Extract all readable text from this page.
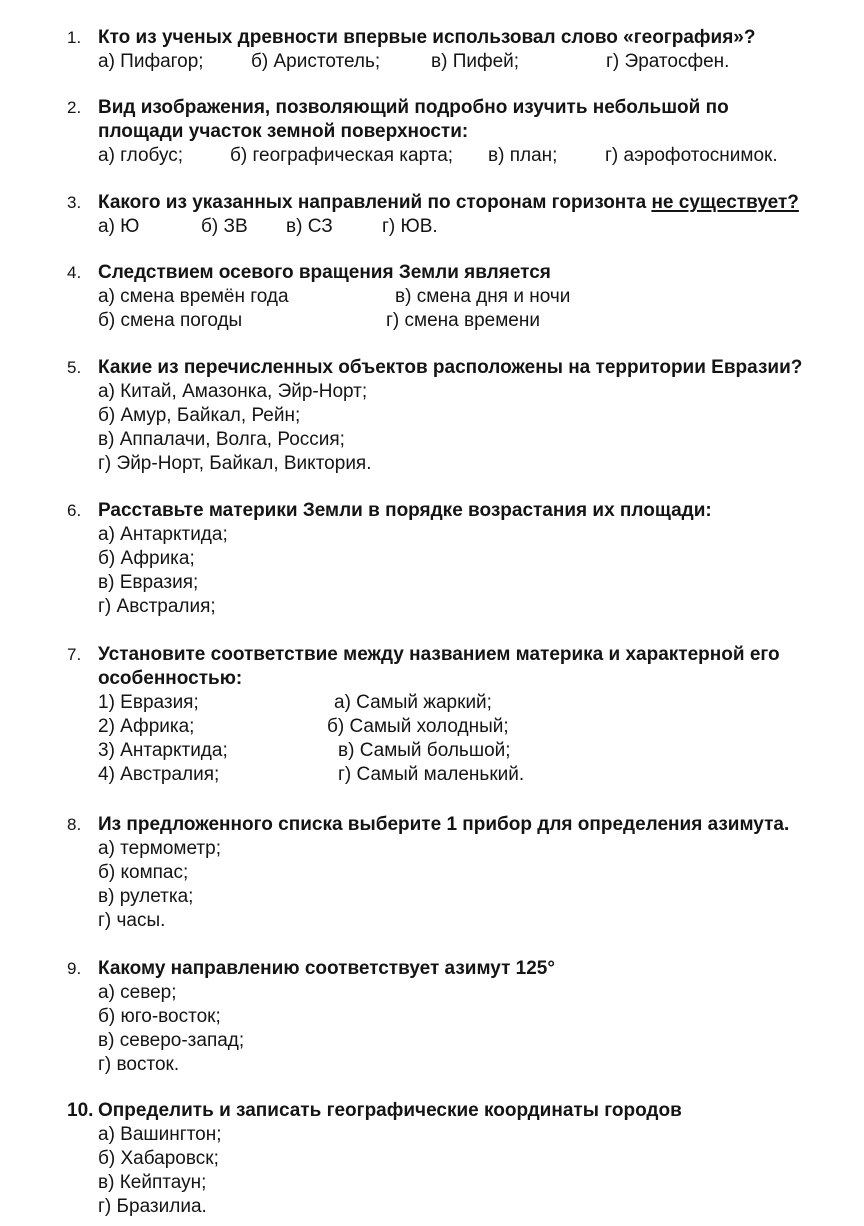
1. Кто из ученых древности впервые использовал слово «география»?

а) Пифагор; б) Аристотель;	в) Пифей;	г) Эратосфен.
2. Вид изображения, позволяющий подробно изучить небольшой по

площади участок земной поверхности:

а) глобус; б) географическая карта; в) план;	г) аэрофотоснимок.
3. Какого из указанных направлений по сторонам горизонта не существует?

а) Ю	б) ЗВ в) СЗ	г) ЮВ.
4. Следствием осевого вращения Земли является

а) смена времён года	в) смена дня и ночи
б) смена погоды	г) смена времени
5. Какие из перечисленных объектов расположены на территории Евразии?

а) Китай, Амазонка, Эйр-Норт;

б) Амур, Байкал, Рейн;

в) Аппалачи, Волга, Россия;

г) Эйр-Норт, Байкал, Виктория.

6. Расставьте материки Земли в порядке возрастания их площади:

а) Антарктида;

б) Африка;

в) Евразия;

г) Австралия;

7. Установите соответствие между названием материка и характерной его

особенностью:

1) Евразия;	а) Самый жаркий;
2) Африка;	б) Самый холодный;
3) Антарктида;	в) Самый большой;
4) Австралия;	г) Самый маленький.
8. Из предложенного списка выберите 1 прибор для определения азимута.

а) термометр;

б) компас;

в) рулетка;

г) часы.

9. Какому направлению соответствует азимут 125°

а) север;

б) юго-восток;

в) северо-запад;

г) восток.

10. Определить и записать географические координаты городов

а) Вашингтон;

б) Хабаровск;

в) Кейптаун;

г) Бразилиа.
